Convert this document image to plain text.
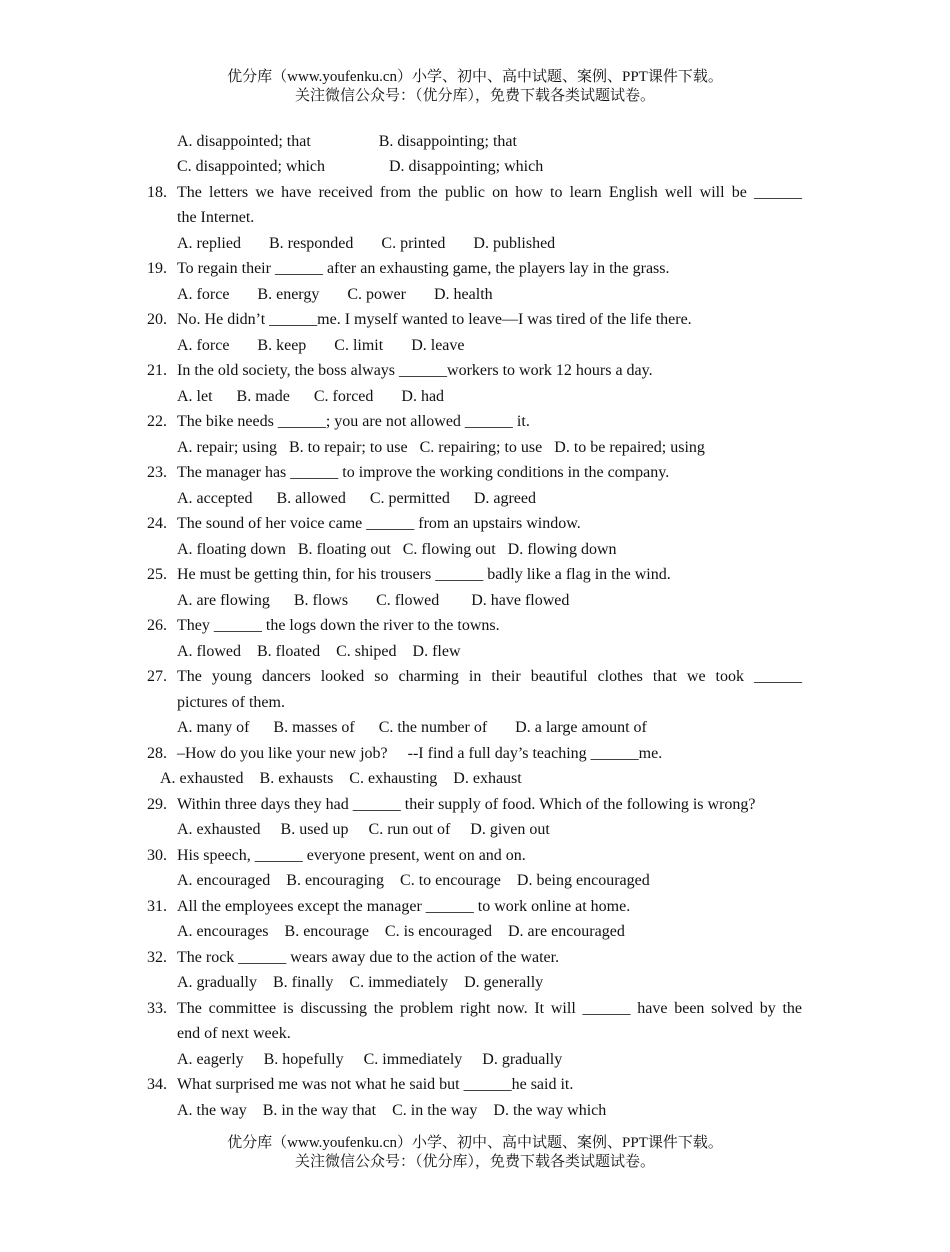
优分库（www.youfenku.cn）小学、初中、高中试题、案例、PPT课件下载。
关注微信公众号：（优分库），免费下载各类试题试卷。
A. disappointed; that                 B. disappointing; that
C. disappointed; which                D. disappointing; which
18. The letters we have received from the public on how to learn English well will be ______
the Internet.
A. replied       B. responded       C. printed       D. published
19. To regain their ______ after an exhausting game, the players lay in the grass.
A. force       B. energy       C. power       D. health
20. No. He didn’t ______me. I myself wanted to leave—I was tired of the life there.
A. force       B. keep       C. limit       D. leave
21. In the old society, the boss always ______workers to work 12 hours a day.
A. let      B. made      C. forced       D. had
22. The bike needs ______; you are not allowed ______ it.
A. repair; using   B. to repair; to use   C. repairing; to use   D. to be repaired; using
23. The manager has ______ to improve the working conditions in the company.
A. accepted      B. allowed      C. permitted      D. agreed
24. The sound of her voice came ______ from an upstairs window.
A. floating down   B. floating out   C. flowing out   D. flowing down
25. He must be getting thin, for his trousers ______ badly like a flag in the wind.
A. are flowing      B. flows       C. flowed        D. have flowed
26. They ______ the logs down the river to the towns.
A. flowed    B. floated    C. shiped    D. flew
27. The young dancers looked so charming in their beautiful clothes that we took ______
pictures of them.
A. many of      B. masses of      C. the number of       D. a large amount of
28. –How do you like your new job?     --I find a full day’s teaching ______me.
A. exhausted    B. exhausts    C. exhausting    D. exhaust
29. Within three days they had ______ their supply of food. Which of the following is wrong?
A. exhausted     B. used up     C. run out of     D. given out
30. His speech, ______ everyone present, went on and on.
A. encouraged    B. encouraging    C. to encourage    D. being encouraged
31. All the employees except the manager ______ to work online at home.
A. encourages    B. encourage    C. is encouraged    D. are encouraged
32. The rock ______ wears away due to the action of the water.
A. gradually    B. finally    C. immediately    D. generally
33. The committee is discussing the problem right now. It will ______ have been solved by the
end of next week.
A. eagerly     B. hopefully     C. immediately     D. gradually
34. What surprised me was not what he said but ______he said it.
A. the way    B. in the way that    C. in the way    D. the way which
优分库（www.youfenku.cn）小学、初中、高中试题、案例、PPT课件下载。
关注微信公众号：（优分库），免费下载各类试题试卷。
